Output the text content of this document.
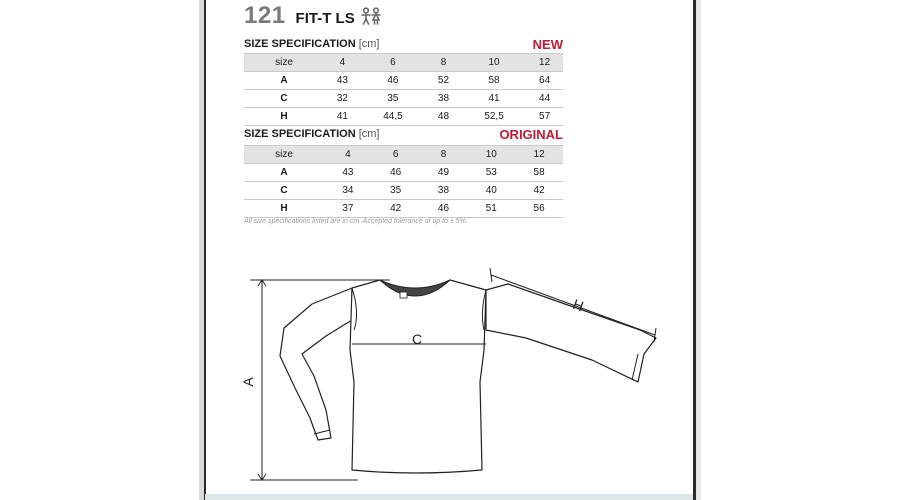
121 FIT-T LS
SIZE SPECIFICATION [cm]	NEW
size	4	6	8	10	12
A	43	46	52	58	64
C	32	35	38	41	44
H	41	44,5	48	52,5	57
SIZE SPECIFICATION [cm]	ORIGINAL
size	4	6	8	10	12
A	43	46	49	53	58
C	34	35	38	40	42
H	37	42	46	51	56
All size specifications listed are in cm. Accepted tolerance of up to ± 5%.
A
C
H
